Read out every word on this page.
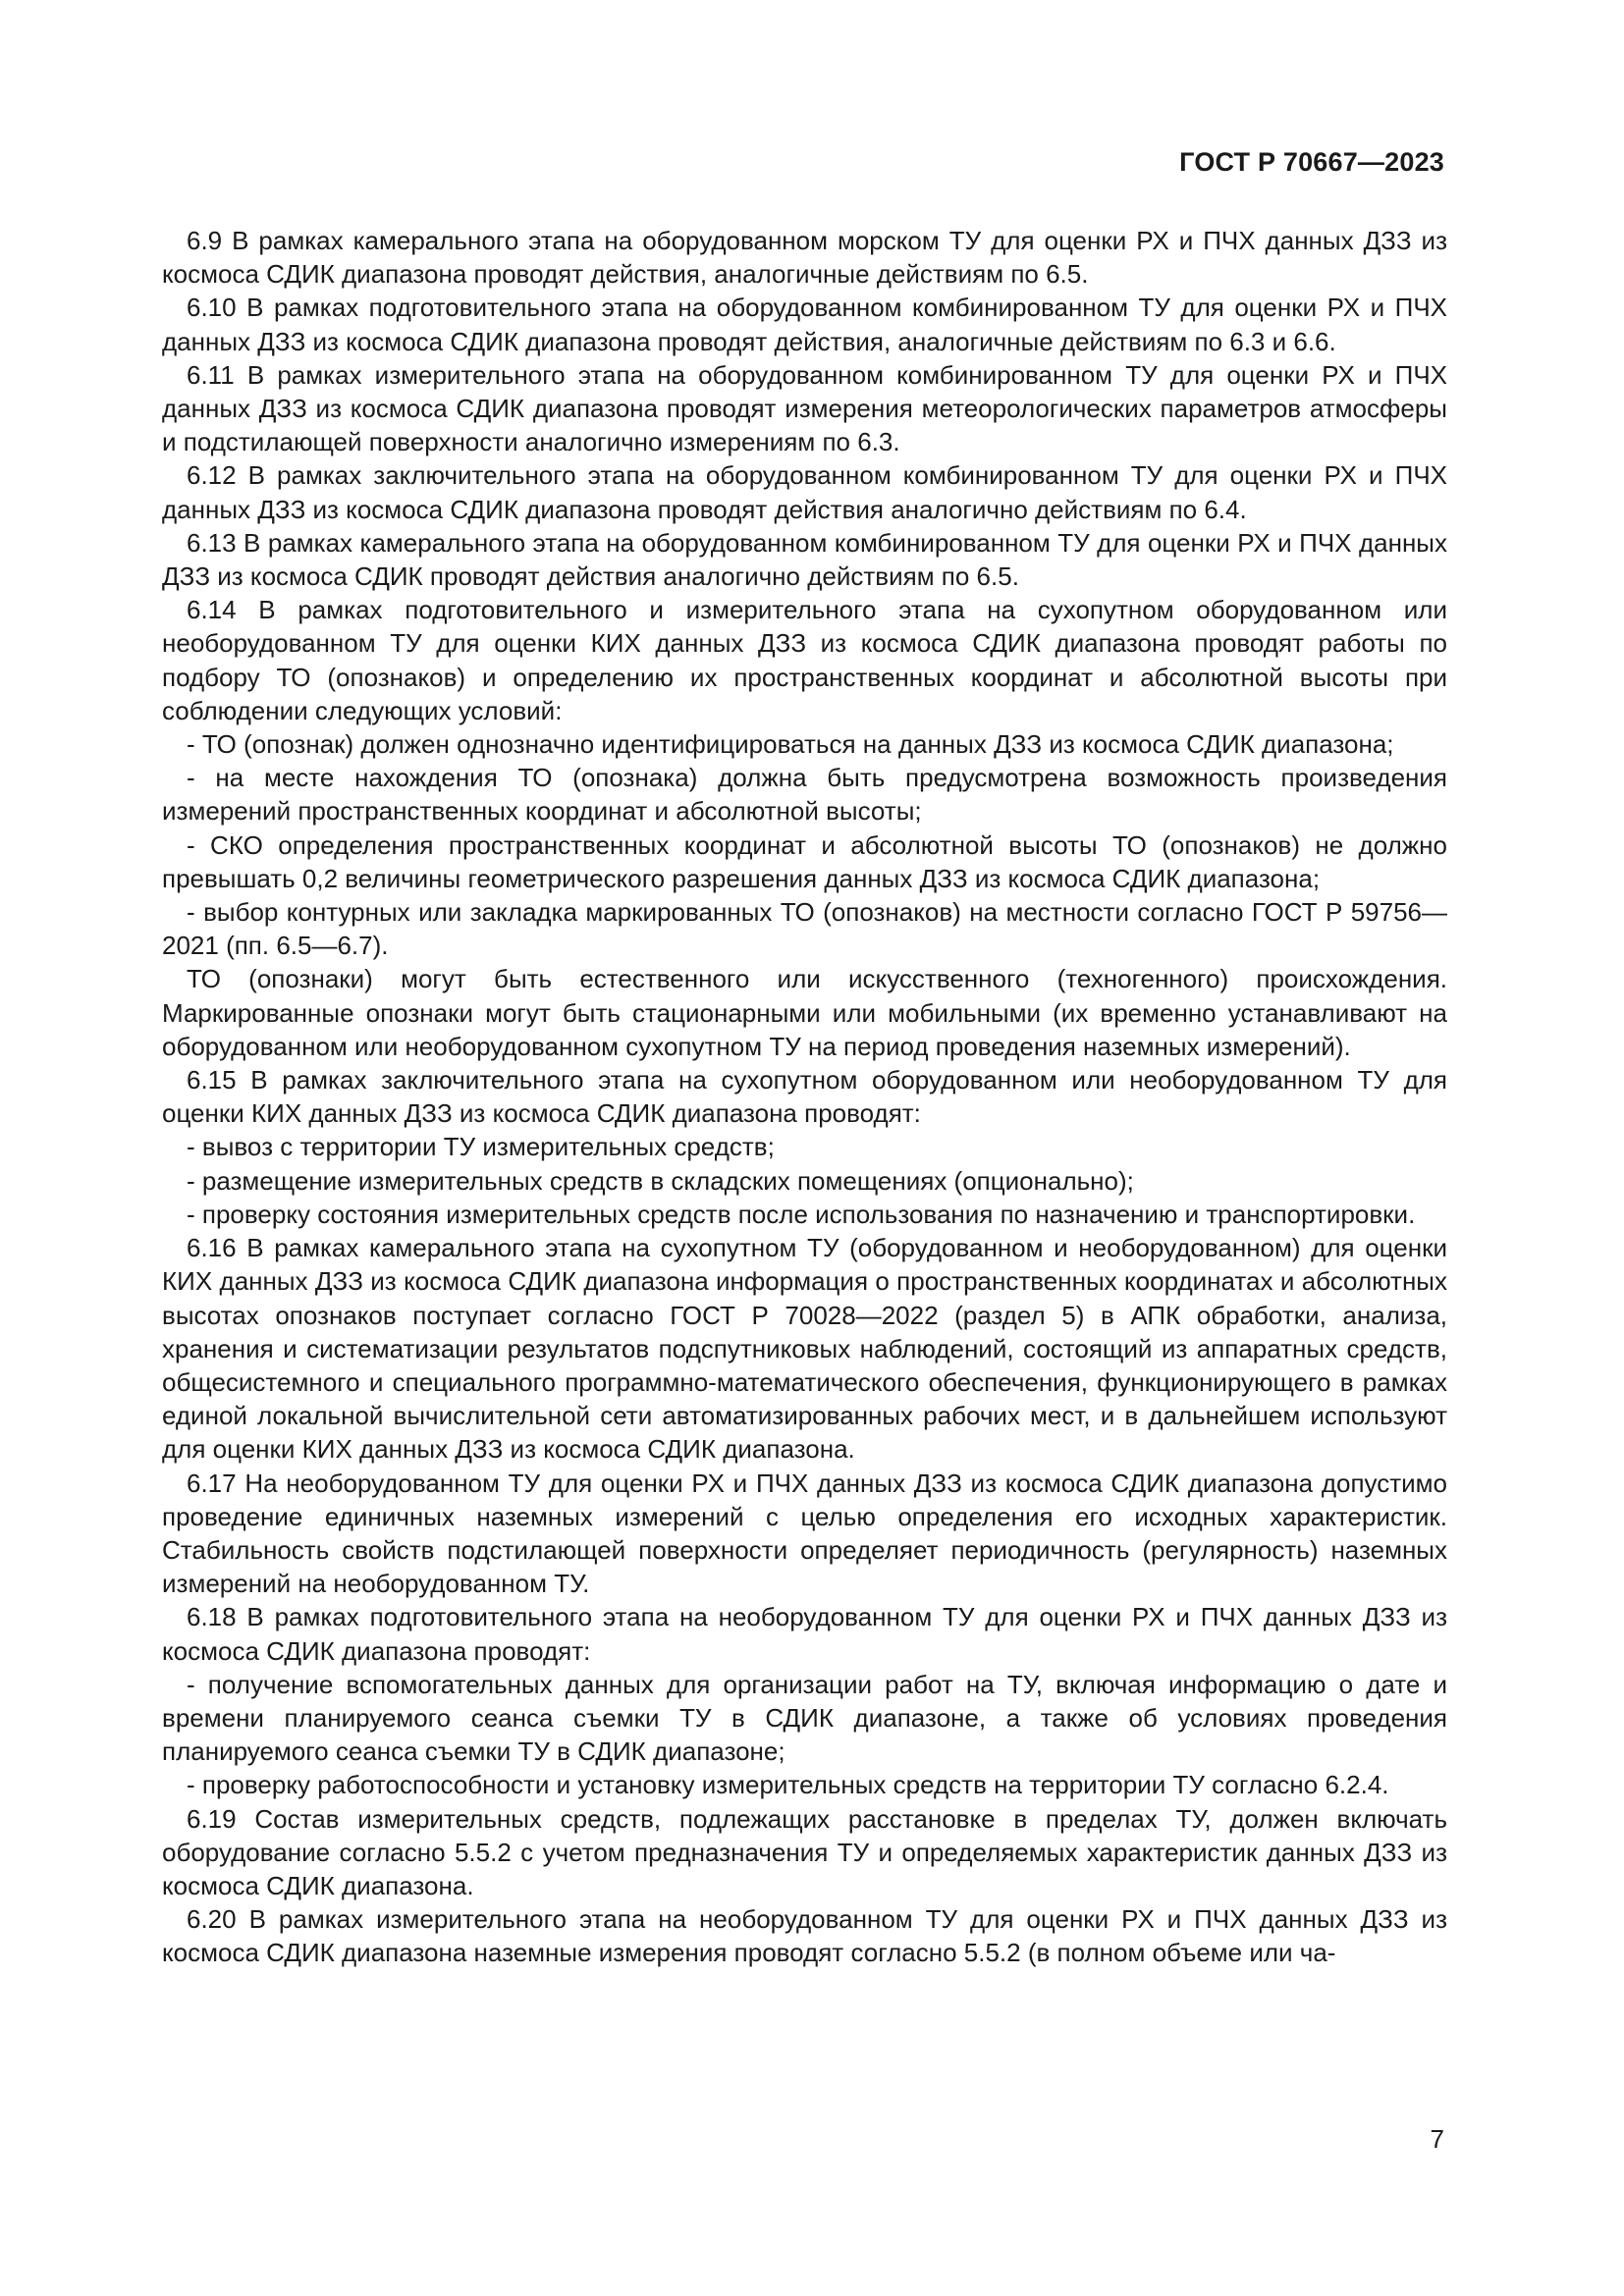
ГОСТ Р 70667—2023

6.9 В рамках камерального этапа на оборудованном морском ТУ для оценки РХ и ПЧХ данных ДЗЗ из космоса СДИК диапазона проводят действия, аналогичные действиям по 6.5.

6.10 В рамках подготовительного этапа на оборудованном комбинированном ТУ для оценки РХ и ПЧХ данных ДЗЗ из космоса СДИК диапазона проводят действия, аналогичные действиям по 6.3 и 6.6.

6.11 В рамках измерительного этапа на оборудованном комбинированном ТУ для оценки РХ и ПЧХ данных ДЗЗ из космоса СДИК диапазона проводят измерения метеорологических параметров атмосферы и подстилающей поверхности аналогично измерениям по 6.3.

6.12 В рамках заключительного этапа на оборудованном комбинированном ТУ для оценки РХ и ПЧХ данных ДЗЗ из космоса СДИК диапазона проводят действия аналогично действиям по 6.4.

6.13 В рамках камерального этапа на оборудованном комбинированном ТУ для оценки РХ и ПЧХ данных ДЗЗ из космоса СДИК проводят действия аналогично действиям по 6.5.

6.14 В рамках подготовительного и измерительного этапа на сухопутном оборудованном или необорудованном ТУ для оценки КИХ данных ДЗЗ из космоса СДИК диапазона проводят работы по подбору ТО (опознаков) и определению их пространственных координат и абсолютной высоты при соблюдении следующих условий:

- ТО (опознак) должен однозначно идентифицироваться на данных ДЗЗ из космоса СДИК диапазона;

- на месте нахождения ТО (опознака) должна быть предусмотрена возможность произведения измерений пространственных координат и абсолютной высоты;

- СКО определения пространственных координат и абсолютной высоты ТО (опознаков) не должно превышать 0,2 величины геометрического разрешения данных ДЗЗ из космоса СДИК диапазона;

- выбор контурных или закладка маркированных ТО (опознаков) на местности согласно ГОСТ Р 59756—2021 (пп. 6.5—6.7).

ТО (опознаки) могут быть естественного или искусственного (техногенного) происхождения. Маркированные опознаки могут быть стационарными или мобильными (их временно устанавливают на оборудованном или необорудованном сухопутном ТУ на период проведения наземных измерений).

6.15 В рамках заключительного этапа на сухопутном оборудованном или необорудованном ТУ для оценки КИХ данных ДЗЗ из космоса СДИК диапазона проводят:

- вывоз с территории ТУ измерительных средств;

- размещение измерительных средств в складских помещениях (опционально);

- проверку состояния измерительных средств после использования по назначению и транспортировки.

6.16 В рамках камерального этапа на сухопутном ТУ (оборудованном и необорудованном) для оценки КИХ данных ДЗЗ из космоса СДИК диапазона информация о пространственных координатах и абсолютных высотах опознаков поступает согласно ГОСТ Р 70028—2022 (раздел 5) в АПК обработки, анализа, хранения и систематизации результатов подспутниковых наблюдений, состоящий из аппаратных средств, общесистемного и специального программно-математического обеспечения, функционирующего в рамках единой локальной вычислительной сети автоматизированных рабочих мест, и в дальнейшем используют для оценки КИХ данных ДЗЗ из космоса СДИК диапазона.

6.17 На необорудованном ТУ для оценки РХ и ПЧХ данных ДЗЗ из космоса СДИК диапазона допустимо проведение единичных наземных измерений с целью определения его исходных характеристик. Стабильность свойств подстилающей поверхности определяет периодичность (регулярность) наземных измерений на необорудованном ТУ.

6.18 В рамках подготовительного этапа на необорудованном ТУ для оценки РХ и ПЧХ данных ДЗЗ из космоса СДИК диапазона проводят:

- получение вспомогательных данных для организации работ на ТУ, включая информацию о дате и времени планируемого сеанса съемки ТУ в СДИК диапазоне, а также об условиях проведения планируемого сеанса съемки ТУ в СДИК диапазоне;

- проверку работоспособности и установку измерительных средств на территории ТУ согласно 6.2.4.

6.19 Состав измерительных средств, подлежащих расстановке в пределах ТУ, должен включать оборудование согласно 5.5.2 с учетом предназначения ТУ и определяемых характеристик данных ДЗЗ из космоса СДИК диапазона.

6.20 В рамках измерительного этапа на необорудованном ТУ для оценки РХ и ПЧХ данных ДЗЗ из космоса СДИК диапазона наземные измерения проводят согласно 5.5.2 (в полном объеме или ча-

7
